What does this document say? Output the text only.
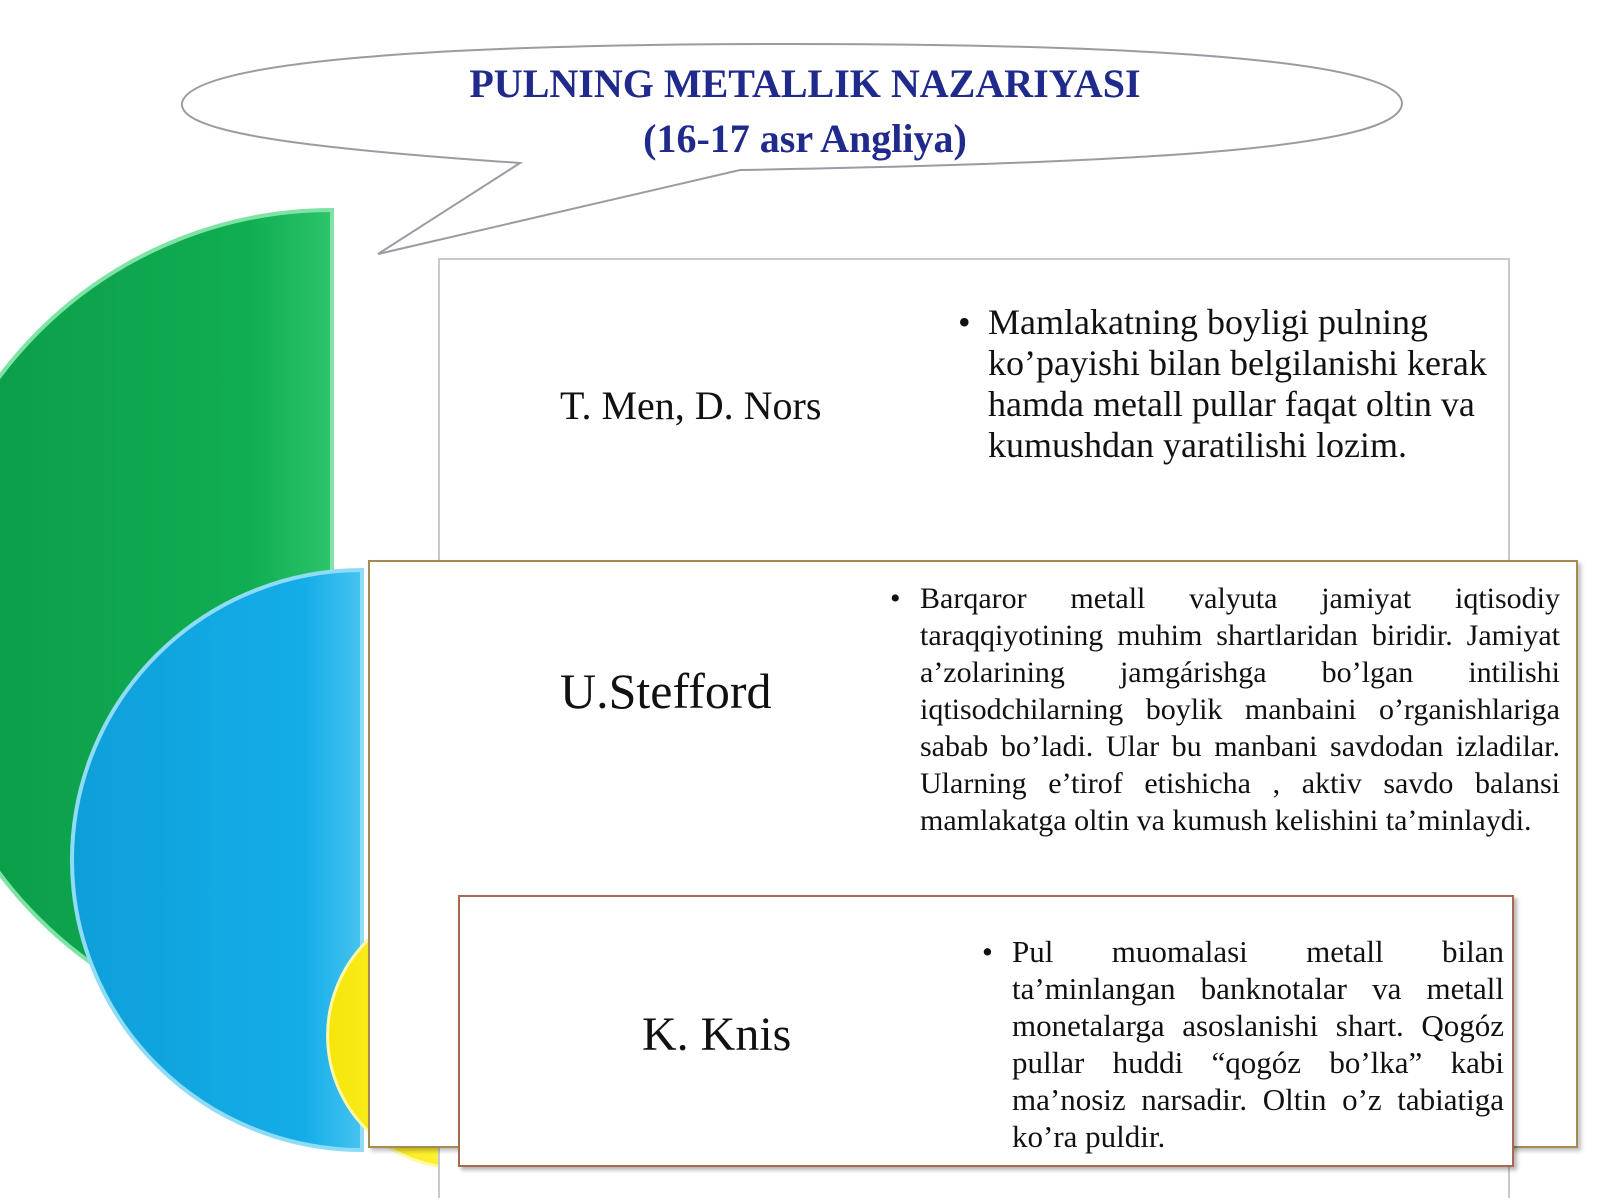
PULNING METALLIK NAZARIYASI
(16-17 asr Angliya)
T. Men, D. Nors
• Mamlakatning boyligi pulning ko’payishi bilan belgilanishi kerak hamda metall pullar faqat oltin va kumushdan yaratilishi lozim.
U.Stefford
• Barqaror metall valyuta jamiyat iqtisodiy taraqqiyotining muhim shartlaridan biridir. Jamiyat a’zolarining jamgárishga bo’lgan intilishi iqtisodchilarning boylik manbaini o’rganishlariga sabab bo’ladi. Ular bu manbani savdodan izladilar. Ularning e’tirof etishicha , aktiv savdo balansi mamlakatga oltin va kumush kelishini ta’minlaydi.
K. Knis
• Pul muomalasi metall bilan ta’minlangan banknotalar va metall monetalarga asoslanishi shart. Qogóz pullar huddi “qogóz bo’lka” kabi ma’nosiz narsadir. Oltin o’z tabiatiga ko’ra puldir.
